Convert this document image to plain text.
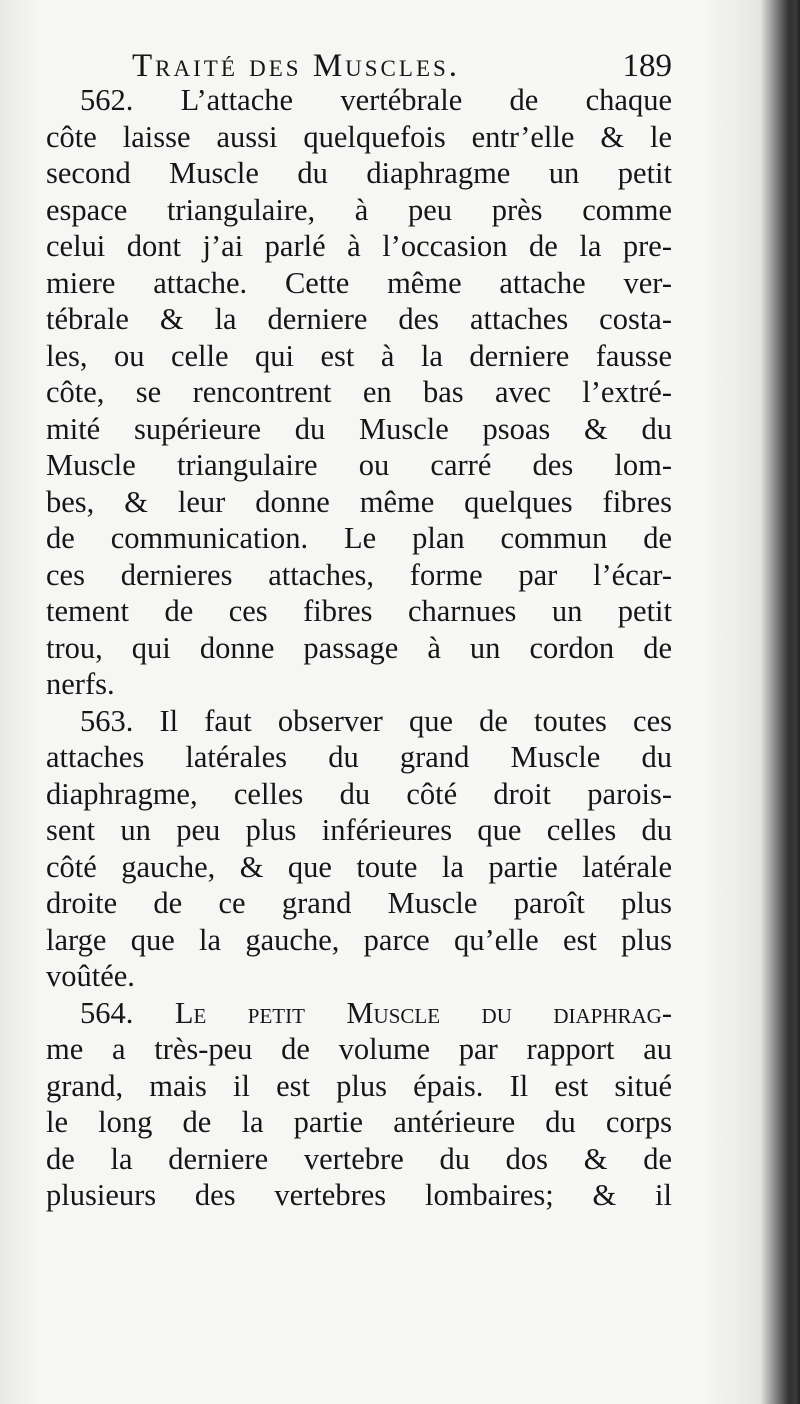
Traité des Muscles.	189
562. L’attache vertébrale de chaque
côte laisse aussi quelquefois entr’elle & le
second Muscle du diaphragme un petit
espace triangulaire, à peu près comme
celui dont j’ai parlé à l’occasion de la pre-
miere attache. Cette même attache ver-
tébrale & la derniere des attaches costa-
les, ou celle qui est à la derniere fausse
côte, se rencontrent en bas avec l’extré-
mité supérieure du Muscle psoas & du
Muscle triangulaire ou carré des lom-
bes, & leur donne même quelques fibres
de communication. Le plan commun de
ces dernieres attaches, forme par l’écar-
tement de ces fibres charnues un petit
trou, qui donne passage à un cordon de
nerfs.
563. Il faut observer que de toutes ces
attaches latérales du grand Muscle du
diaphragme, celles du côté droit parois-
sent un peu plus inférieures que celles du
côté gauche, & que toute la partie latérale
droite de ce grand Muscle paroît plus
large que la gauche, parce qu’elle est plus
voûtée.
564. Le petit Muscle du diaphrag-
me a très-peu de volume par rapport au
grand, mais il est plus épais. Il est situé
le long de la partie antérieure du corps
de la derniere vertebre du dos & de
plusieurs des vertebres lombaires; & il
